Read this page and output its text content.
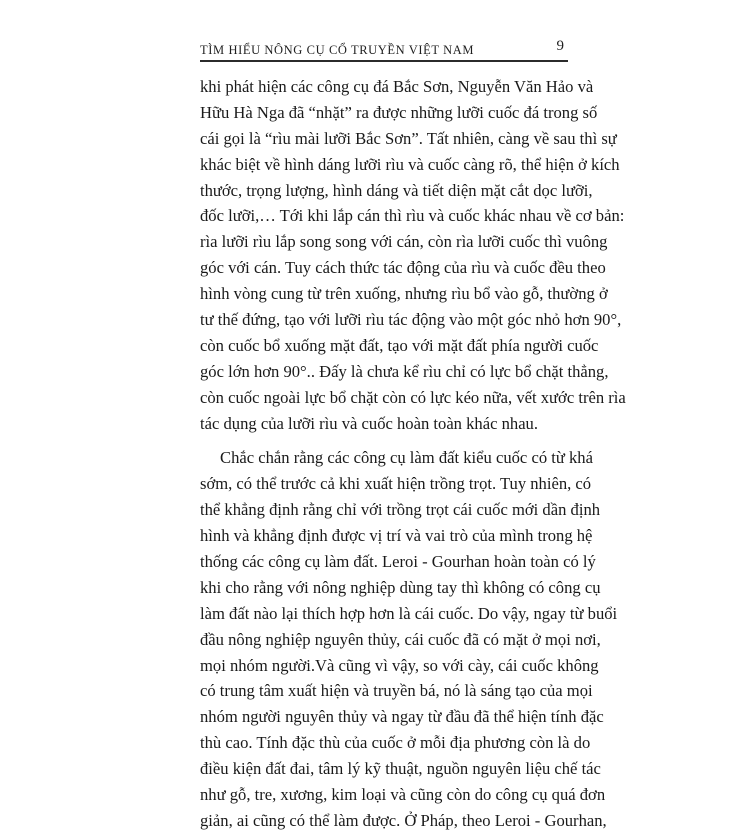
TÌM HIỂU NÔNG CỤ CỔ TRUYỀN VIỆT NAM	9
khi phát hiện các công cụ đá Bắc Sơn, Nguyễn Văn Hảo và
Hữu Hà Nga đã “nhặt” ra được những lưỡi cuốc đá trong số
cái gọi là “rìu mài lưỡi Bắc Sơn”. Tất nhiên, càng về sau thì sự
khác biệt về hình dáng lưỡi rìu và cuốc càng rõ, thể hiện ở kích
thước, trọng lượng, hình dáng và tiết diện mặt cắt dọc lưỡi,
đốc lưỡi,… Tới khi lắp cán thì rìu và cuốc khác nhau về cơ bản:
rìa lưỡi rìu lắp song song với cán, còn rìa lưỡi cuốc thì vuông
góc với cán. Tuy cách thức tác động của rìu và cuốc đều theo
hình vòng cung từ trên xuống, nhưng rìu bổ vào gỗ, thường ở
tư thế đứng, tạo với lưỡi rìu tác động vào một góc nhỏ hơn 90°,
còn cuốc bổ xuống mặt đất, tạo với mặt đất phía người cuốc
góc lớn hơn 90°.. Đấy là chưa kể rìu chỉ có lực bổ chặt thẳng,
còn cuốc ngoài lực bổ chặt còn có lực kéo nữa, vết xước trên rìa
tác dụng của lưỡi rìu và cuốc hoàn toàn khác nhau.
Chắc chắn rằng các công cụ làm đất kiểu cuốc có từ khá
sớm, có thể trước cả khi xuất hiện trồng trọt. Tuy nhiên, có
thể khẳng định rằng chỉ với trồng trọt cái cuốc mới dần định
hình và khẳng định được vị trí và vai trò của mình trong hệ
thống các công cụ làm đất. Leroi - Gourhan hoàn toàn có lý
khi cho rằng với nông nghiệp dùng tay thì không có công cụ
làm đất nào lại thích hợp hơn là cái cuốc. Do vậy, ngay từ buổi
đầu nông nghiệp nguyên thủy, cái cuốc đã có mặt ở mọi nơi,
mọi nhóm người.Và cũng vì vậy, so với cày, cái cuốc không
có trung tâm xuất hiện và truyền bá, nó là sáng tạo của mọi
nhóm người nguyên thủy và ngay từ đầu đã thể hiện tính đặc
thù cao. Tính đặc thù của cuốc ở mỗi địa phương còn là do
điều kiện đất đai, tâm lý kỹ thuật, nguồn nguyên liệu chế tác
như gỗ, tre, xương, kim loại và cũng còn do công cụ quá đơn
giản, ai cũng có thể làm được. Ở Pháp, theo Leroi - Gourhan,
